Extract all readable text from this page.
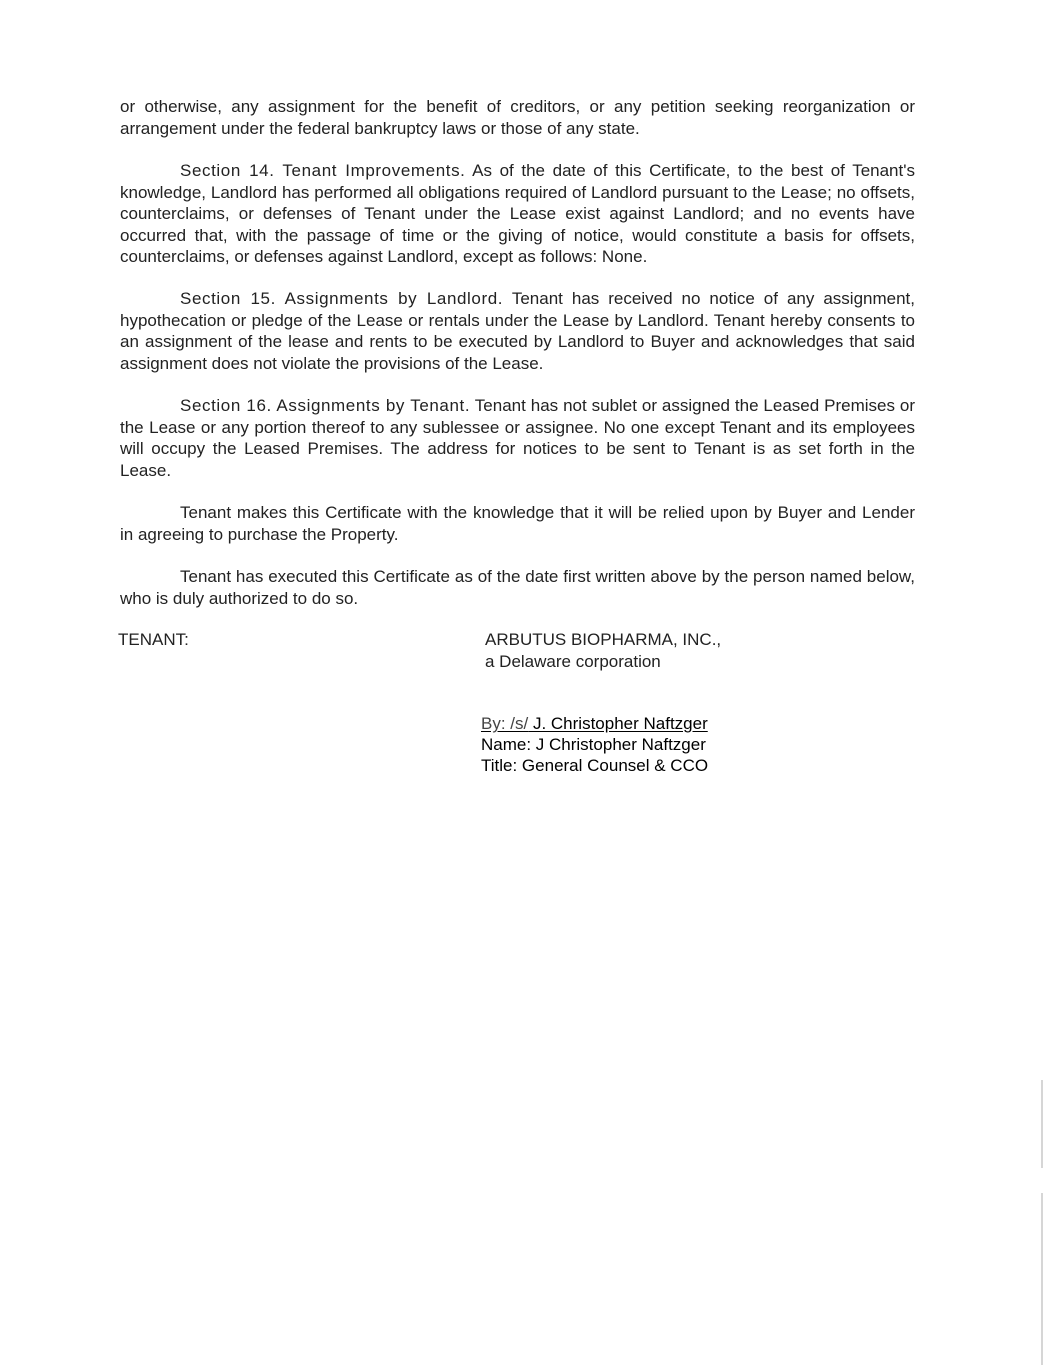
or otherwise, any assignment for the benefit of creditors, or any petition seeking reorganization or arrangement under the federal bankruptcy laws or those of any state.

Section 14. Tenant Improvements. As of the date of this Certificate, to the best of Tenant's knowledge, Landlord has performed all obligations required of Landlord pursuant to the Lease; no offsets, counterclaims, or defenses of Tenant under the Lease exist against Landlord; and no events have occurred that, with the passage of time or the giving of notice, would constitute a basis for offsets, counterclaims, or defenses against Landlord, except as follows: None.

Section 15. Assignments by Landlord. Tenant has received no notice of any assignment, hypothecation or pledge of the Lease or rentals under the Lease by Landlord. Tenant hereby consents to an assignment of the lease and rents to be executed by Landlord to Buyer and acknowledges that said assignment does not violate the provisions of the Lease.

Section 16. Assignments by Tenant. Tenant has not sublet or assigned the Leased Premises or the Lease or any portion thereof to any sublessee or assignee. No one except Tenant and its employees will occupy the Leased Premises. The address for notices to be sent to Tenant is as set forth in the Lease.

Tenant makes this Certificate with the knowledge that it will be relied upon by Buyer and Lender in agreeing to purchase the Property.

Tenant has executed this Certificate as of the date first written above by the person named below, who is duly authorized to do so.

TENANT:	ARBUTUS BIOPHARMA, INC.,
a Delaware corporation
By: /s/ J. Christopher Naftzger
Name: J Christopher Naftzger
Title: General Counsel & CCO
